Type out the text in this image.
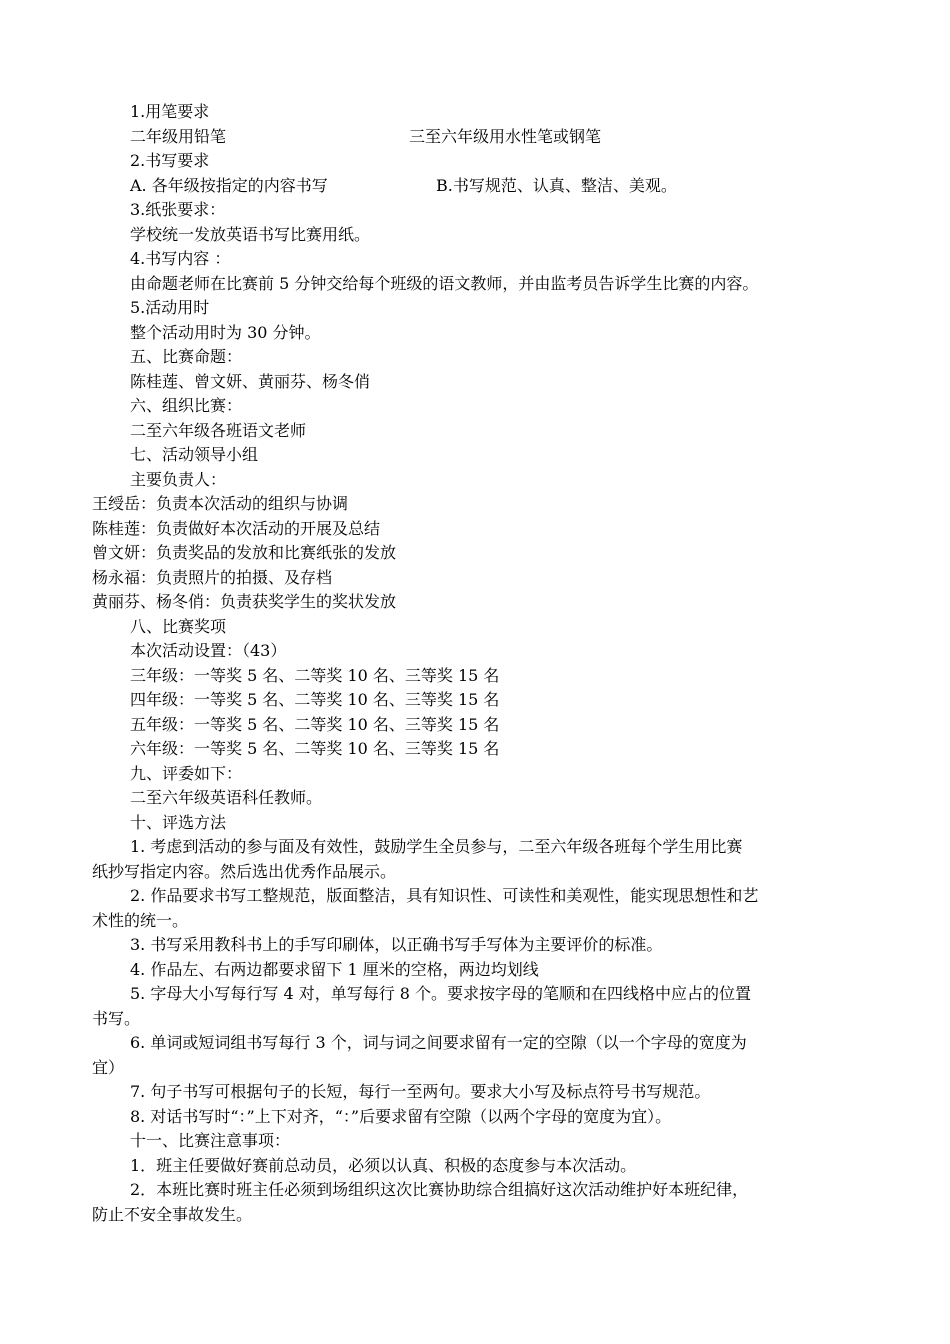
1.用笔要求
二年级用铅笔	三至六年级用水性笔或钢笔
2.书写要求
A. 各年级按指定的内容书写	B.书写规范、认真、整洁、美观。
3.纸张要求：
学校统一发放英语书写比赛用纸。
4.书写内容 ：
由命题老师在比赛前 5 分钟交给每个班级的语文教师，并由监考员告诉学生比赛的内容。
5.活动用时
整个活动用时为 30 分钟。
五、比赛命题：
陈桂莲、曾文妍、黄丽芬、杨冬俏
六、组织比赛：
二至六年级各班语文老师
七、活动领导小组
主要负责人：
王绶岳：负责本次活动的组织与协调
陈桂莲：负责做好本次活动的开展及总结
曾文妍：负责奖品的发放和比赛纸张的发放
杨永福：负责照片的拍摄、及存档
黄丽芬、杨冬俏：负责获奖学生的奖状发放
八、比赛奖项
本次活动设置：（43）
三年级：一等奖 5 名、二等奖 10 名、三等奖 15 名
四年级：一等奖 5 名、二等奖 10 名、三等奖 15 名
五年级：一等奖 5 名、二等奖 10 名、三等奖 15 名
六年级：一等奖 5 名、二等奖 10 名、三等奖 15 名
九、评委如下：
二至六年级英语科任教师。
十、评选方法
1. 考虑到活动的参与面及有效性，鼓励学生全员参与，二至六年级各班每个学生用比赛
纸抄写指定内容。然后选出优秀作品展示。
2. 作品要求书写工整规范，版面整洁，具有知识性、可读性和美观性，能实现思想性和艺
术性的统一。
3. 书写采用教科书上的手写印刷体，以正确书写手写体为主要评价的标准。
4. 作品左、右两边都要求留下 1 厘米的空格，两边均划线
5. 字母大小写每行写 4 对，单写每行 8 个。要求按字母的笔顺和在四线格中应占的位置
书写。
6. 单词或短词组书写每行 3 个，词与词之间要求留有一定的空隙（以一个字母的宽度为
宜）
7. 句子书写可根据句子的长短，每行一至两句。要求大小写及标点符号书写规范。
8. 对话书写时“：”上下对齐，“：”后要求留有空隙（以两个字母的宽度为宜）。
十一、比赛注意事项：
1．班主任要做好赛前总动员，必须以认真、积极的态度参与本次活动。
2．本班比赛时班主任必须到场组织这次比赛协助综合组搞好这次活动维护好本班纪律，
防止不安全事故发生。
